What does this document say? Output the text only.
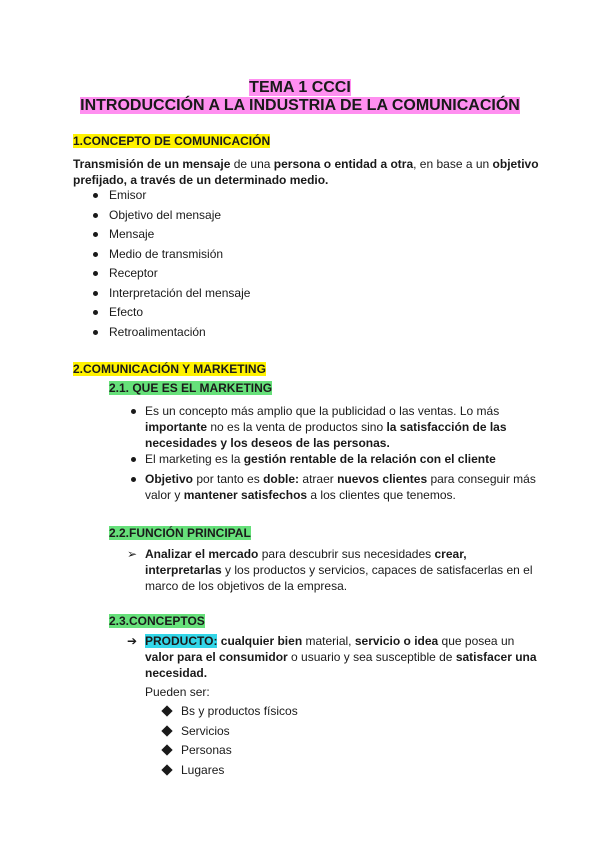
TEMA 1 CCCI
INTRODUCCIÓN A LA INDUSTRIA DE LA COMUNICACIÓN
1.CONCEPTO DE COMUNICACIÓN
Transmisión de un mensaje de una persona o entidad a otra, en base a un objetivo
prefijado, a través de un determinado medio.
Emisor
Objetivo del mensaje
Mensaje
Medio de transmisión
Receptor
Interpretación del mensaje
Efecto
Retroalimentación
2.COMUNICACIÓN Y MARKETING
2.1. QUE ES EL MARKETING
Es un concepto más amplio que la publicidad o las ventas. Lo más
importante no es la venta de productos sino la satisfacción de las
necesidades y los deseos de las personas.
El marketing es la gestión rentable de la relación con el cliente
Objetivo por tanto es doble: atraer nuevos clientes para conseguir más
valor y mantener satisfechos a los clientes que tenemos.
2.2.FUNCIÓN PRINCIPAL
➢ Analizar el mercado para descubrir sus necesidades crear,
interpretarlas y los productos y servicios, capaces de satisfacerlas en el
marco de los objetivos de la empresa.
2.3.CONCEPTOS
➔ PRODUCTO: cualquier bien material, servicio o idea que posea un
valor para el consumidor o usuario y sea susceptible de satisfacer una
necesidad.
Pueden ser:
Bs y productos físicos
Servicios
Personas
Lugares
